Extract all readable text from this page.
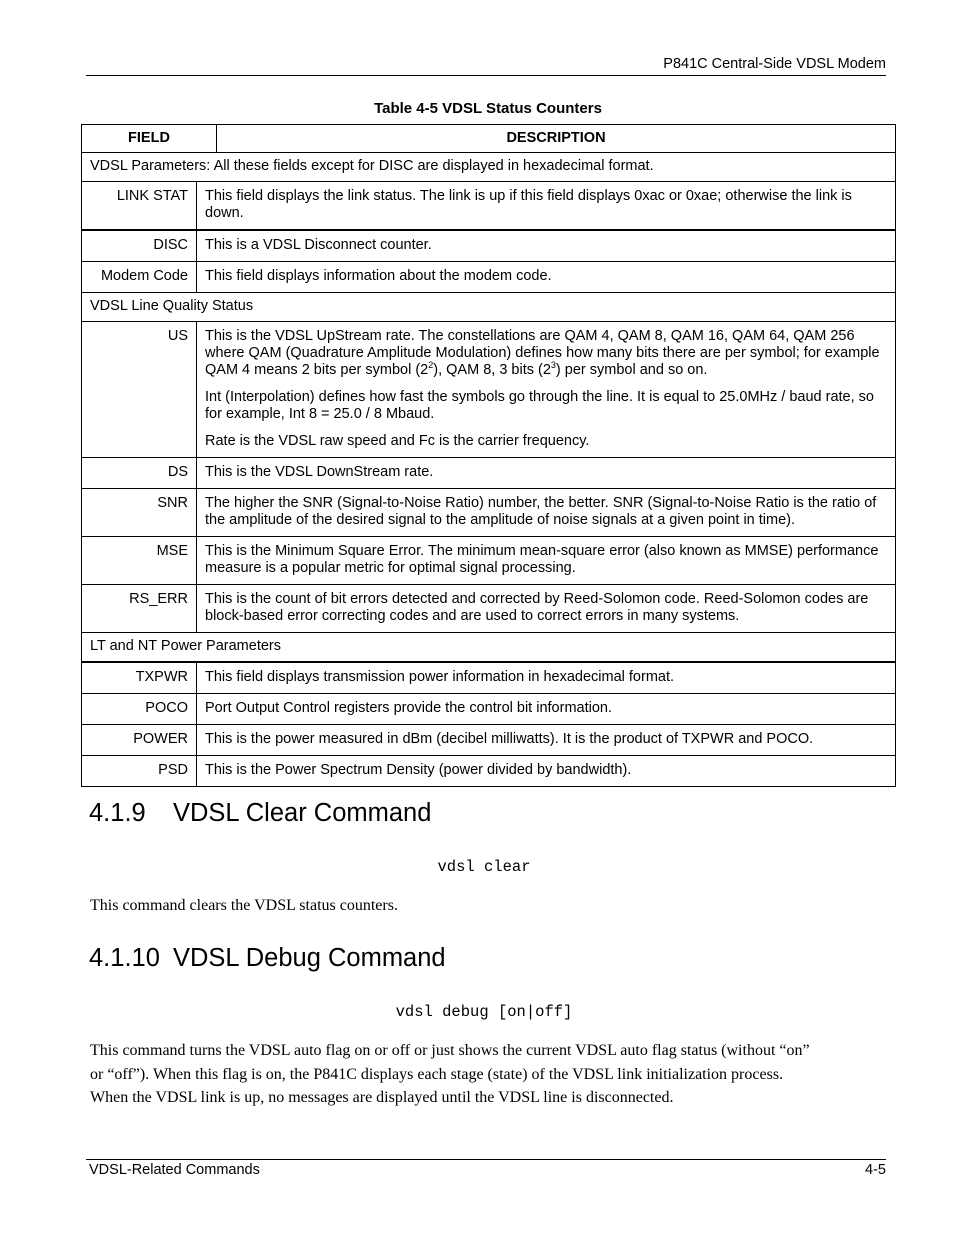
P841C Central-Side VDSL Modem
Table 4-5 VDSL Status Counters
FIELD	DESCRIPTION
VDSL Parameters: All these fields except for DISC are displayed in hexadecimal format.	
LINK STAT	This field displays the link status. The link is up if this field displays 0xac or 0xae; otherwise the link is down.
DISC	This is a VDSL Disconnect counter.
Modem Code	This field displays information about the modem code.
VDSL Line Quality Status	
US	This is the VDSL UpStream rate. The constellations are QAM 4, QAM 8, QAM 16, QAM 64, QAM 256 where QAM (Quadrature Amplitude Modulation) defines how many bits there are per symbol; for example QAM 4 means 2 bits per symbol $(2^2)$, QAM 8, 3 bits $(2^3)$ per symbol and so on.

Int (Interpolation) defines how fast the symbols go through the line. It is equal to 25.0MHz / baud rate, so for example, Int 8 = 25.0 / 8 Mbaud.

Rate is the VDSL raw speed and Fc is the carrier frequency.

DS	This is the VDSL DownStream rate.
SNR	The higher the SNR (Signal-to-Noise Ratio) number, the better. SNR (Signal-to-Noise Ratio is the ratio of the amplitude of the desired signal to the amplitude of noise signals at a given point in time).
MSE	This is the Minimum Square Error. The minimum mean-square error (also known as MMSE) performance measure is a popular metric for optimal signal processing.
RS_ERR	This is the count of bit errors detected and corrected by Reed-Solomon code. Reed-Solomon codes are block-based error correcting codes and are used to correct errors in many systems.
LT and NT Power Parameters	
TXPWR	This field displays transmission power information in hexadecimal format.
POCO	Port Output Control registers provide the control bit information.
POWER	This is the power measured in dBm (decibel milliwatts). It is the product of TXPWR and POCO.
PSD	This is the Power Spectrum Density (power divided by bandwidth).
4.1.9 VDSL Clear Command
vdsl clear

This command clears the VDSL status counters.

4.1.10 VDSL Debug Command
vdsl debug [on|off]
This command turns the VDSL auto flag on or off or just shows the current VDSL auto flag status (without “on”
or “off”). When this flag is on, the P841C displays each stage (state) of the VDSL link initialization process.
When the VDSL link is up, no messages are displayed until the VDSL line is disconnected.
VDSL-Related Commands	4-5
